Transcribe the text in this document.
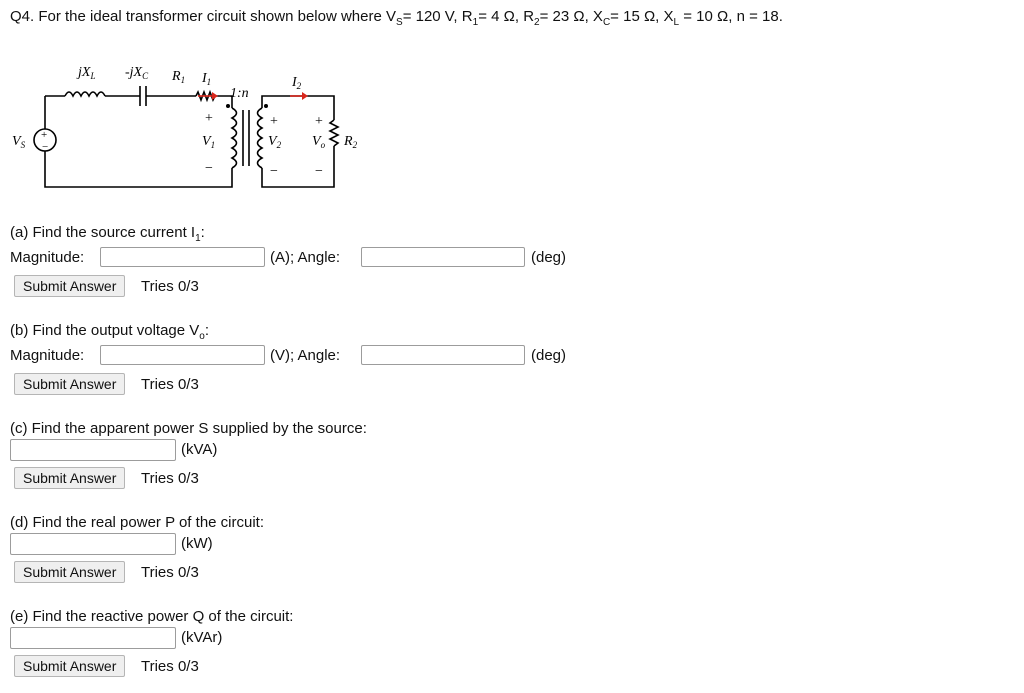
Q4. For the ideal transformer circuit shown below where $V_S= 120$ V, $R_1= 4$ Ω, $R_2= 23$ Ω, $X_C= 15$ Ω, $X_L = 10$ Ω, n = 18.
+
−
$jX_L$ $-jX_C$ $R_1$ $I_1$
1:n
$I_2$
$V_S$	$V_1$	$V_2$ $V_o$ $R_2$
+
−
+
−
+
−
(a) Find the source current $I_1$:
Magnitude:	(A); Angle:	(deg)
Submit Answer	Tries 0/3
(b) Find the output voltage $V_o$:
Magnitude:	(V); Angle:	(deg)
Submit Answer	Tries 0/3
(c) Find the apparent power S supplied by the source:
(kVA)
Submit Answer	Tries 0/3
(d) Find the real power P of the circuit:
(kW)
Submit Answer	Tries 0/3
(e) Find the reactive power Q of the circuit:
(kVAr)
Submit Answer	Tries 0/3
